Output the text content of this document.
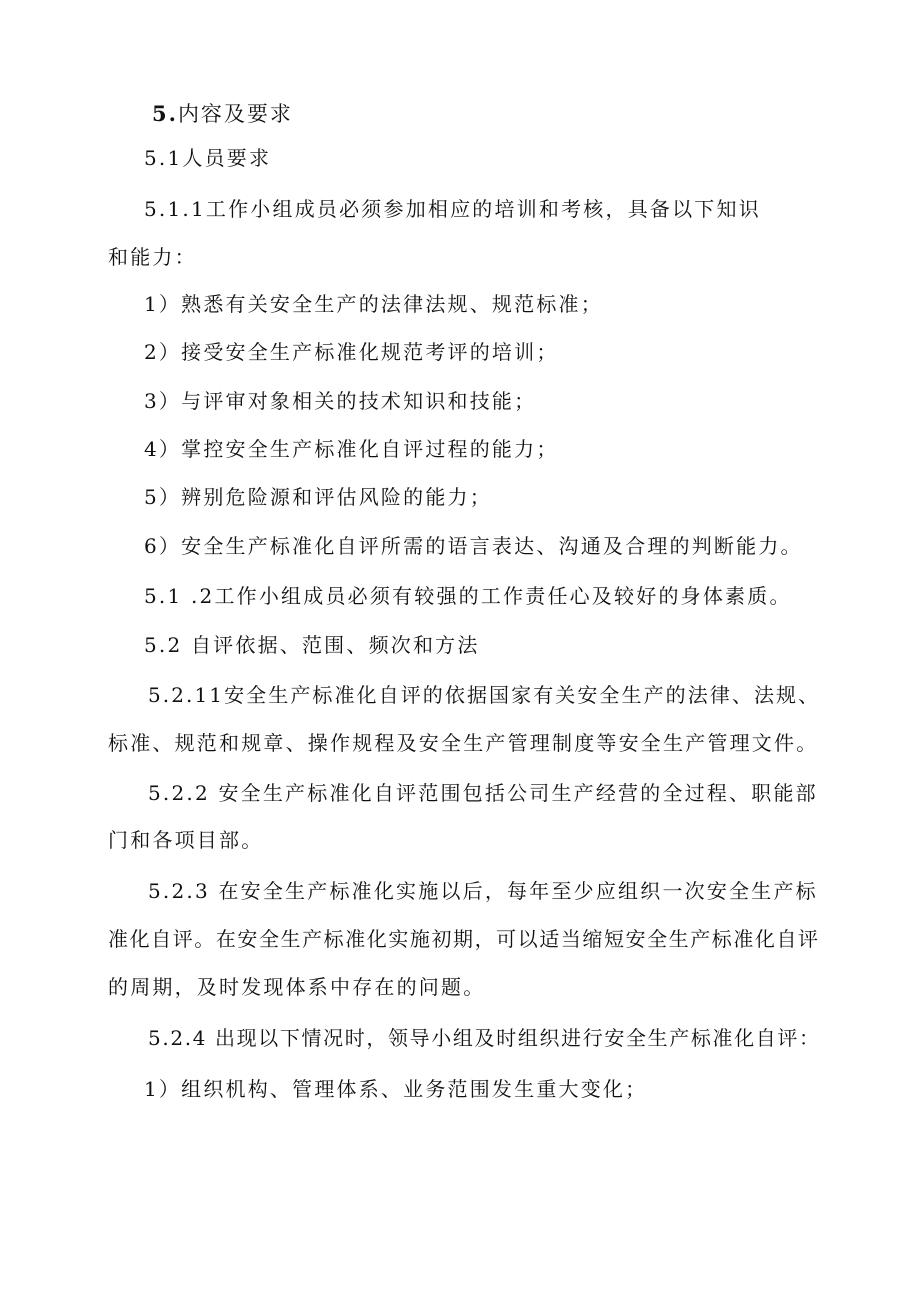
5.内容及要求
5.1人员要求
5.1.1工作小组成员必须参加相应的培训和考核，具备以下知识
和能力：
1）熟悉有关安全生产的法律法规、规范标准；
2）接受安全生产标准化规范考评的培训；
3）与评审对象相关的技术知识和技能；
4）掌控安全生产标准化自评过程的能力；
5）辨别危险源和评估风险的能力；
6）安全生产标准化自评所需的语言表达、沟通及合理的判断能力。
5.1 .2工作小组成员必须有较强的工作责任心及较好的身体素质。
5.2 自评依据、范围、频次和方法
5.2.11安全生产标准化自评的依据国家有关安全生产的法律、法规、
标准、规范和规章、操作规程及安全生产管理制度等安全生产管理文件。
5.2.2 安全生产标准化自评范围包括公司生产经营的全过程、职能部
门和各项目部。
5.2.3 在安全生产标准化实施以后，每年至少应组织一次安全生产标
准化自评。在安全生产标准化实施初期，可以适当缩短安全生产标准化自评
的周期，及时发现体系中存在的问题。
5.2.4 出现以下情况时，领导小组及时组织进行安全生产标准化自评：
1）组织机构、管理体系、业务范围发生重大变化；
